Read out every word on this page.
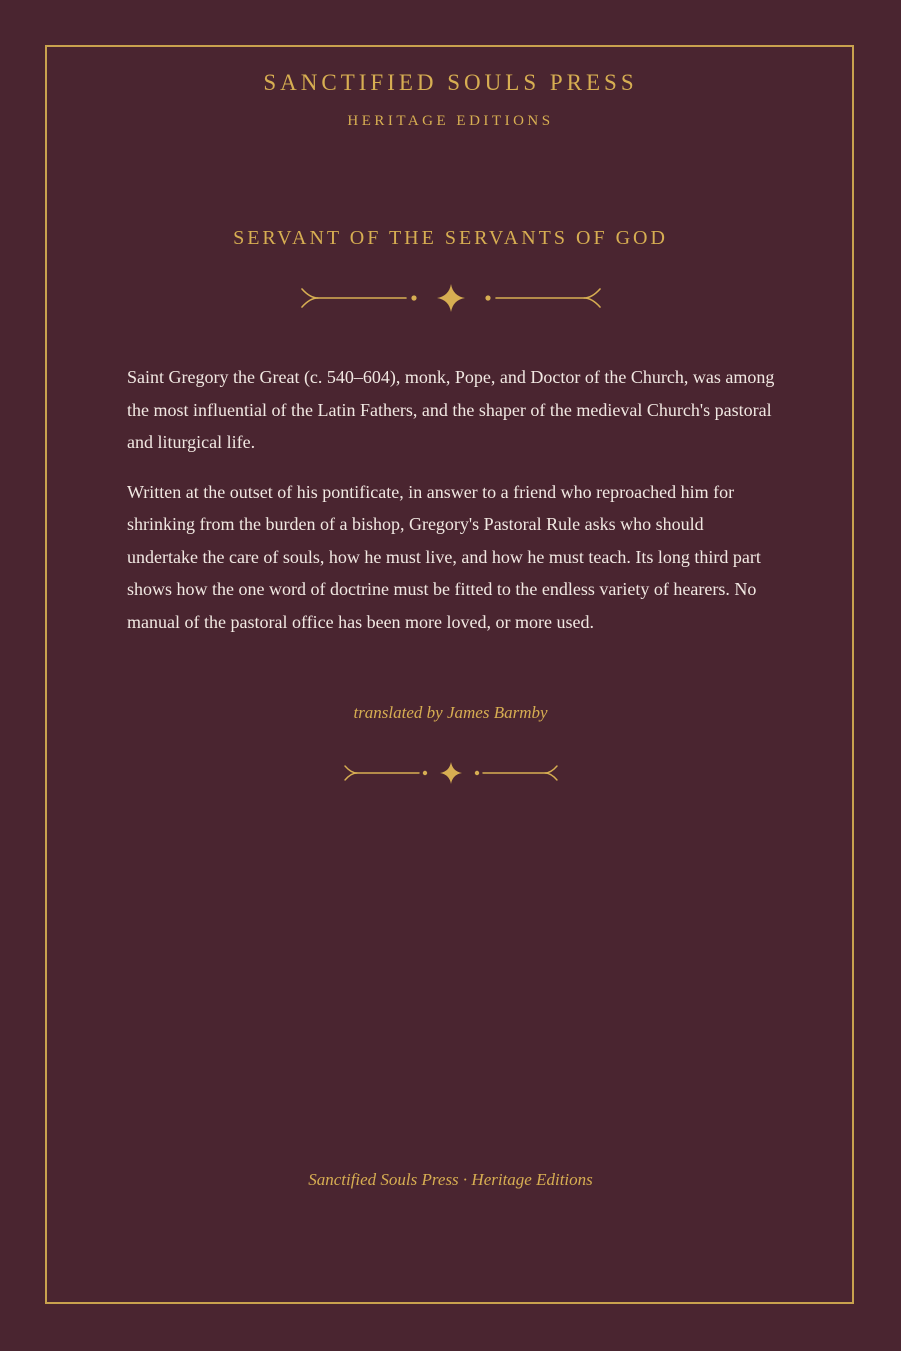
SANCTIFIED SOULS PRESS
HERITAGE EDITIONS
SERVANT OF THE SERVANTS OF GOD

Saint Gregory the Great (c. 540–604), monk, Pope, and Doctor of the Church, was among the most influential of the Latin Fathers, and the shaper of the medieval Church's pastoral and liturgical life.

Written at the outset of his pontificate, in answer to a friend who reproached him for shrinking from the burden of a bishop, Gregory's Pastoral Rule asks who should undertake the care of souls, how he must live, and how he must teach. Its long third part shows how the one word of doctrine must be fitted to the endless variety of hearers. No manual of the pastoral office has been more loved, or more used.

translated by James Barmby
Sanctified Souls Press · Heritage Editions
